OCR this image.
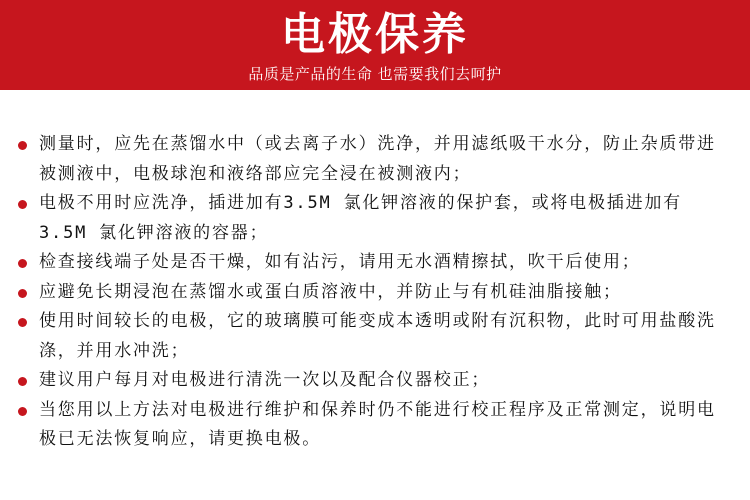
电极保养
品质是产品的生命 也需要我们去呵护
测量时，应先在蒸馏水中（或去离子水）洗净，并用滤纸吸干水分，防止杂质带进被测液中，电极球泡和液络部应完全浸在被测液内；
电极不用时应洗净，插进加有3.5M 氯化钾溶液的保护套，或将电极插进加有3.5M 氯化钾溶液的容器；
检查接线端子处是否干燥，如有沾污，请用无水酒精擦拭，吹干后使用；
应避免长期浸泡在蒸馏水或蛋白质溶液中，并防止与有机硅油脂接触；
使用时间较长的电极，它的玻璃膜可能变成本透明或附有沉积物，此时可用盐酸洗涤，并用水冲洗；
建议用户每月对电极进行清洗一次以及配合仪器校正；
当您用以上方法对电极进行维护和保养时仍不能进行校正程序及正常测定，说明电极已无法恢复响应，请更换电极。
